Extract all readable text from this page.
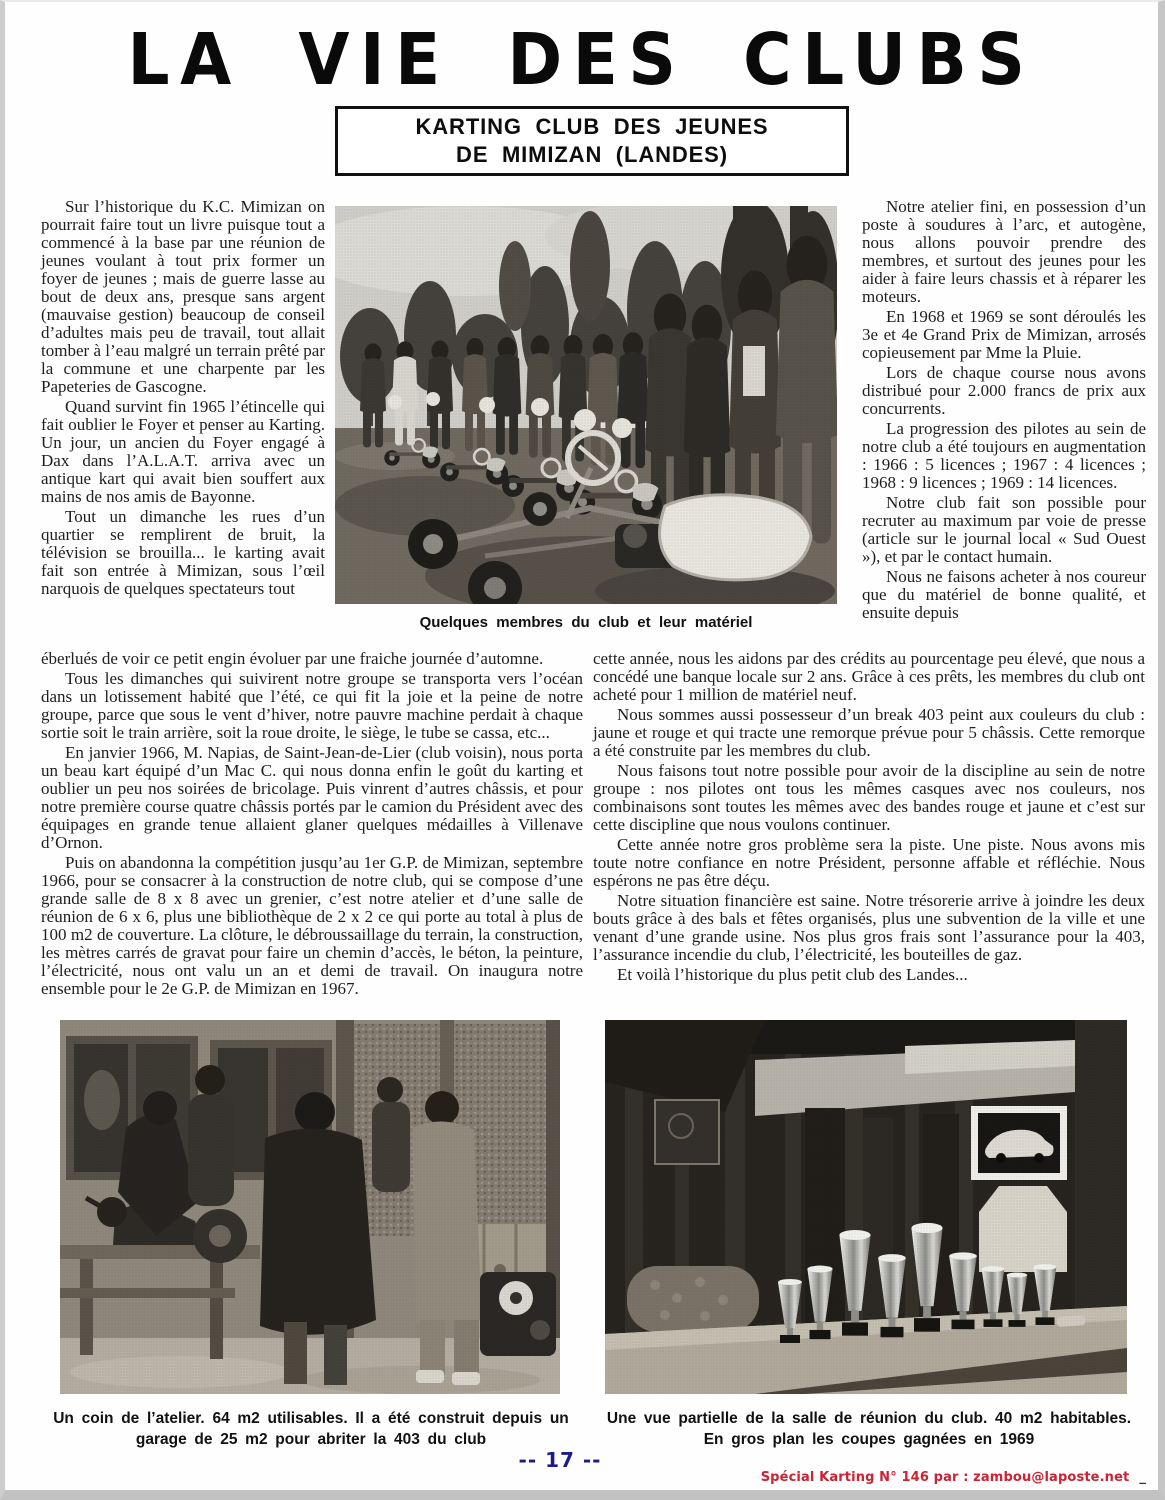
LA VIE DES CLUBS
KARTING CLUB DES JEUNES
DE MIMIZAN (LANDES)

Sur l’historique du K.C. Mimizan on pourrait faire tout un livre puisque tout a commencé à la base par une réunion de jeunes voulant à tout prix former un foyer de jeunes ; mais de guerre lasse au bout de deux ans, presque sans argent (mauvaise gestion) beaucoup de conseil d’adultes mais peu de travail, tout allait tomber à l’eau malgré un terrain prêté par la commune et une charpente par les Papeteries de Gascogne.

Quand survint fin 1965 l’étincelle qui fait oublier le Foyer et penser au Karting. Un jour, un ancien du Foyer engagé à Dax dans l’A.L.A.T. arriva avec un antique kart qui avait bien souffert aux mains de nos amis de Bayonne.

Tout un dimanche les rues d’un quartier se remplirent de bruit, la télévision se brouilla... le karting avait fait son entrée à Mimizan, sous l’œil narquois de quelques spectateurs tout

Quelques membres du club et leur matériel

Notre atelier fini, en possession d’un poste à soudures à l’arc, et autogène, nous allons pouvoir prendre des membres, et surtout des jeunes pour les aider à faire leurs chassis et à réparer les moteurs.

En 1968 et 1969 se sont déroulés les 3e et 4e Grand Prix de Mimizan, arrosés copieusement par Mme la Pluie.

Lors de chaque course nous avons distribué pour 2.000 francs de prix aux concurrents.

La progression des pilotes au sein de notre club a été toujours en augmentation : 1966 : 5 licences ; 1967 : 4 licences ; 1968 : 9 licences ; 1969 : 14 licences.

Notre club fait son possible pour recruter au maximum par voie de presse (article sur le journal local « Sud Ouest »), et par le contact humain.

Nous ne faisons acheter à nos coureur que du matériel de bonne qualité, et ensuite depuis

éberlués de voir ce petit engin évoluer par une fraiche journée d’automne.

Tous les dimanches qui suivirent notre groupe se transporta vers l’océan dans un lotissement habité que l’été, ce qui fit la joie et la peine de notre groupe, parce que sous le vent d’hiver, notre pauvre machine perdait à chaque sortie soit le train arrière, soit la roue droite, le siège, le tube se cassa, etc...

En janvier 1966, M. Napias, de Saint-Jean-de-Lier (club voisin), nous porta un beau kart équipé d’un Mac C. qui nous donna enfin le goût du karting et oublier un peu nos soirées de bricolage. Puis vinrent d’autres châssis, et pour notre première course quatre châssis portés par le camion du Président avec des équipages en grande tenue allaient glaner quelques médailles à Villenave d’Ornon.

Puis on abandonna la compétition jusqu’au 1er G.P. de Mimizan, septembre 1966, pour se consacrer à la construction de notre club, qui se compose d’une grande salle de 8 x 8 avec un grenier, c’est notre atelier et d’une salle de réunion de 6 x 6, plus une bibliothèque de 2 x 2 ce qui porte au total à plus de 100 m2 de couverture. La clôture, le débroussaillage du terrain, la construction, les mètres carrés de gravat pour faire un chemin d’accès, le béton, la peinture, l’électricité, nous ont valu un an et demi de travail. On inaugura notre ensemble pour le 2e G.P. de Mimizan en 1967.

cette année, nous les aidons par des crédits au pourcentage peu élevé, que nous a concédé une banque locale sur 2 ans. Grâce à ces prêts, les membres du club ont acheté pour 1 million de matériel neuf.

Nous sommes aussi possesseur d’un break 403 peint aux couleurs du club : jaune et rouge et qui tracte une remorque prévue pour 5 châssis. Cette remorque a été construite par les membres du club.

Nous faisons tout notre possible pour avoir de la discipline au sein de notre groupe : nos pilotes ont tous les mêmes casques avec nos couleurs, nos combinaisons sont toutes les mêmes avec des bandes rouge et jaune et c’est sur cette discipline que nous voulons continuer.

Cette année notre gros problème sera la piste. Une piste. Nous avons mis toute notre confiance en notre Président, personne affable et réfléchie. Nous espérons ne pas être déçu.

Notre situation financière est saine. Notre trésorerie arrive à joindre les deux bouts grâce à des bals et fêtes organisés, plus une subvention de la ville et une venant d’une grande usine. Nos plus gros frais sont l’assurance pour la 403, l’assurance incendie du club, l’électricité, les bouteilles de gaz.

Et voilà l’historique du plus petit club des Landes...

Un coin de l’atelier. 64 m2 utilisables. Il a été construit depuis un
garage de 25 m2 pour abriter la 403 du club
Une vue partielle de la salle de réunion du club. 40 m2 habitables.
En gros plan les coupes gagnées en 1969
-- 17 --
Spécial Karting N° 146 par : zambou@laposte.net _
